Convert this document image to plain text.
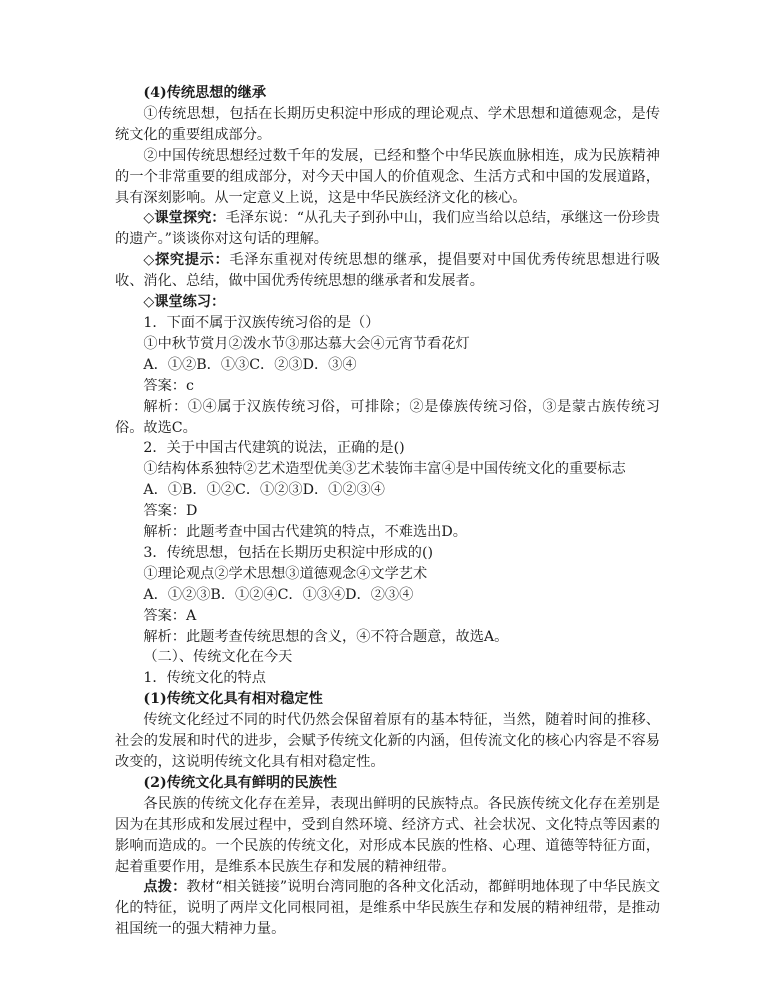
(4)传统思想的继承

①传统思想，包括在长期历史积淀中形成的理论观点、学术思想和道德观念，是传统文化的重要组成部分。

②中国传统思想经过数千年的发展，已经和整个中华民族血脉相连，成为民族精神的一个非常重要的组成部分，对今天中国人的价值观念、生活方式和中国的发展道路，具有深刻影响。从一定意义上说，这是中华民族经济文化的核心。

◇课堂探究：毛泽东说：“从孔夫子到孙中山，我们应当给以总结，承继这一份珍贵的遗产。”谈谈你对这句话的理解。

◇探究提示：毛泽东重视对传统思想的继承，提倡要对中国优秀传统思想进行吸收、消化、总结，做中国优秀传统思想的继承者和发展者。

◇课堂练习：

1．下面不属于汉族传统习俗的是（）

①中秋节赏月②泼水节③那达慕大会④元宵节看花灯

A．①②B．①③C．②③D．③④

答案：c

解析：①④属于汉族传统习俗，可排除；②是傣族传统习俗，③是蒙古族传统习俗。故选C。

2．关于中国古代建筑的说法，正确的是()

①结构体系独特②艺术造型优美③艺术装饰丰富④是中国传统文化的重要标志

A．①B．①②C．①②③D．①②③④

答案：D

解析：此题考查中国古代建筑的特点，不难选出D。

3．传统思想，包括在长期历史积淀中形成的()

①理论观点②学术思想③道德观念④文学艺术

A．①②③B．①②④C．①③④D．②③④

答案：A

解析：此题考查传统思想的含义，④不符合题意，故选A。

（二）、传统文化在今天

1．传统文化的特点

(1)传统文化具有相对稳定性

传统文化经过不同的时代仍然会保留着原有的基本特征，当然，随着时间的推移、社会的发展和时代的进步，会赋予传统文化新的内涵，但传流文化的核心内容是不容易改变的，这说明传统文化具有相对稳定性。

(2)传统文化具有鲜明的民族性

各民族的传统文化存在差异，表现出鲜明的民族特点。各民族传统文化存在差别是因为在其形成和发展过程中，受到自然环境、经济方式、社会状况、文化特点等因素的影响而造成的。一个民族的传统文化，对形成本民族的性格、心理、道德等特征方面，起着重要作用，是维系本民族生存和发展的精神纽带。

点拨：教材“相关链接”说明台湾同胞的各种文化活动，都鲜明地体现了中华民族文化的特征，说明了两岸文化同根同祖，是维系中华民族生存和发展的精神纽带，是推动祖国统一的强大精神力量。
